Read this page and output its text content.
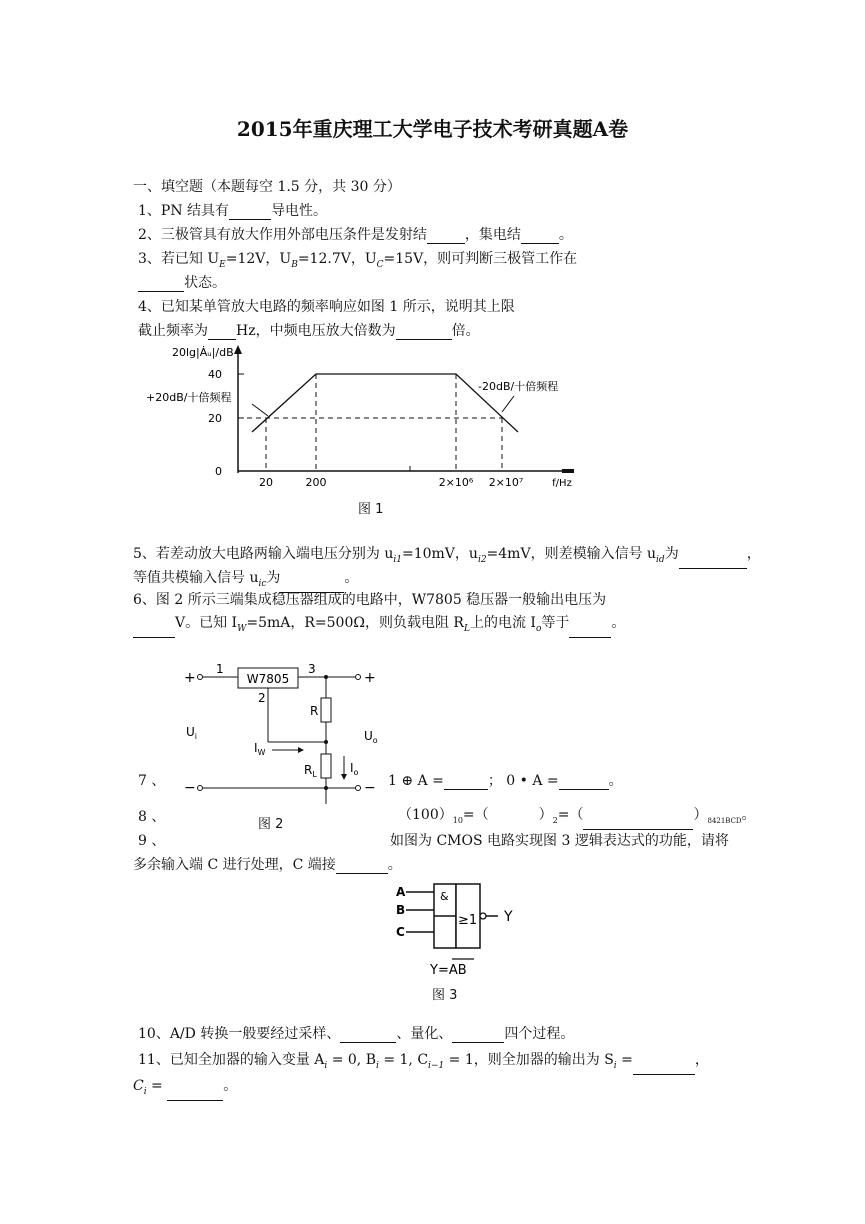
2015年重庆理工大学电子技术考研真题A卷
一、填空题（本题每空 1.5 分，共 30 分）
1、PN 结具有	导电性。
2、三极管具有放大作用外部电压条件是发射结	，集电结	。
3、若已知 $U_E=12V$，$U_B=12.7V$，$U_C=15V$，则可判断三极管工作在
状态。
4、已知某单管放大电路的频率响应如图 1 所示，说明其上限
截止频率为 Hz，中频电压放大倍数为	倍。
20lg|Ȧᵤ|/dB
40
20
0
20	200	2×10⁶ 2×10⁷	f/Hz
+20dB/十倍频程
-20dB/十倍频程
图 1
5、若差动放大电路两输入端电压分别为 $u_{i1}=10mV$，$u_{i2}=4mV$，则差模输入信号 $u_{id}$为	，
等值共模输入信号 $u_{ic}$为	。
6、图 2 所示三端集成稳压器组成的电路中，W7805 稳压器一般输出电压为
V。已知 $I_W=5mA$，R=500Ω，则负载电阻 $R_L$上的电流 $I_o$等于	。
+
1
W7805
3
+
2
R
$R_L$
−	−
$U_i$	$U_o$
$I_W$
$I_o$
图 2
7 、	1 ⊕ A =	； 0 • A =	。
8 、	$(100)_{10}=$（	）$_2=$（	）$_{8421BCD}$。
9 、	如图为 CMOS 电路实现图 3 逻辑表达式的功能，请将
多余输入端 C 进行处理，C 端接	。
A
B
C
&
≥1 Y
Y=AB
图 3
10、A/D 转换一般要经过采样、	、量化、	四个过程。
11、已知全加器的输入变量 $A_i = 0$, $B_i = 1$, $C_{i-1} = 1$，则全加器的输出为 $S_i$ =	，
$C_i$ =	。
